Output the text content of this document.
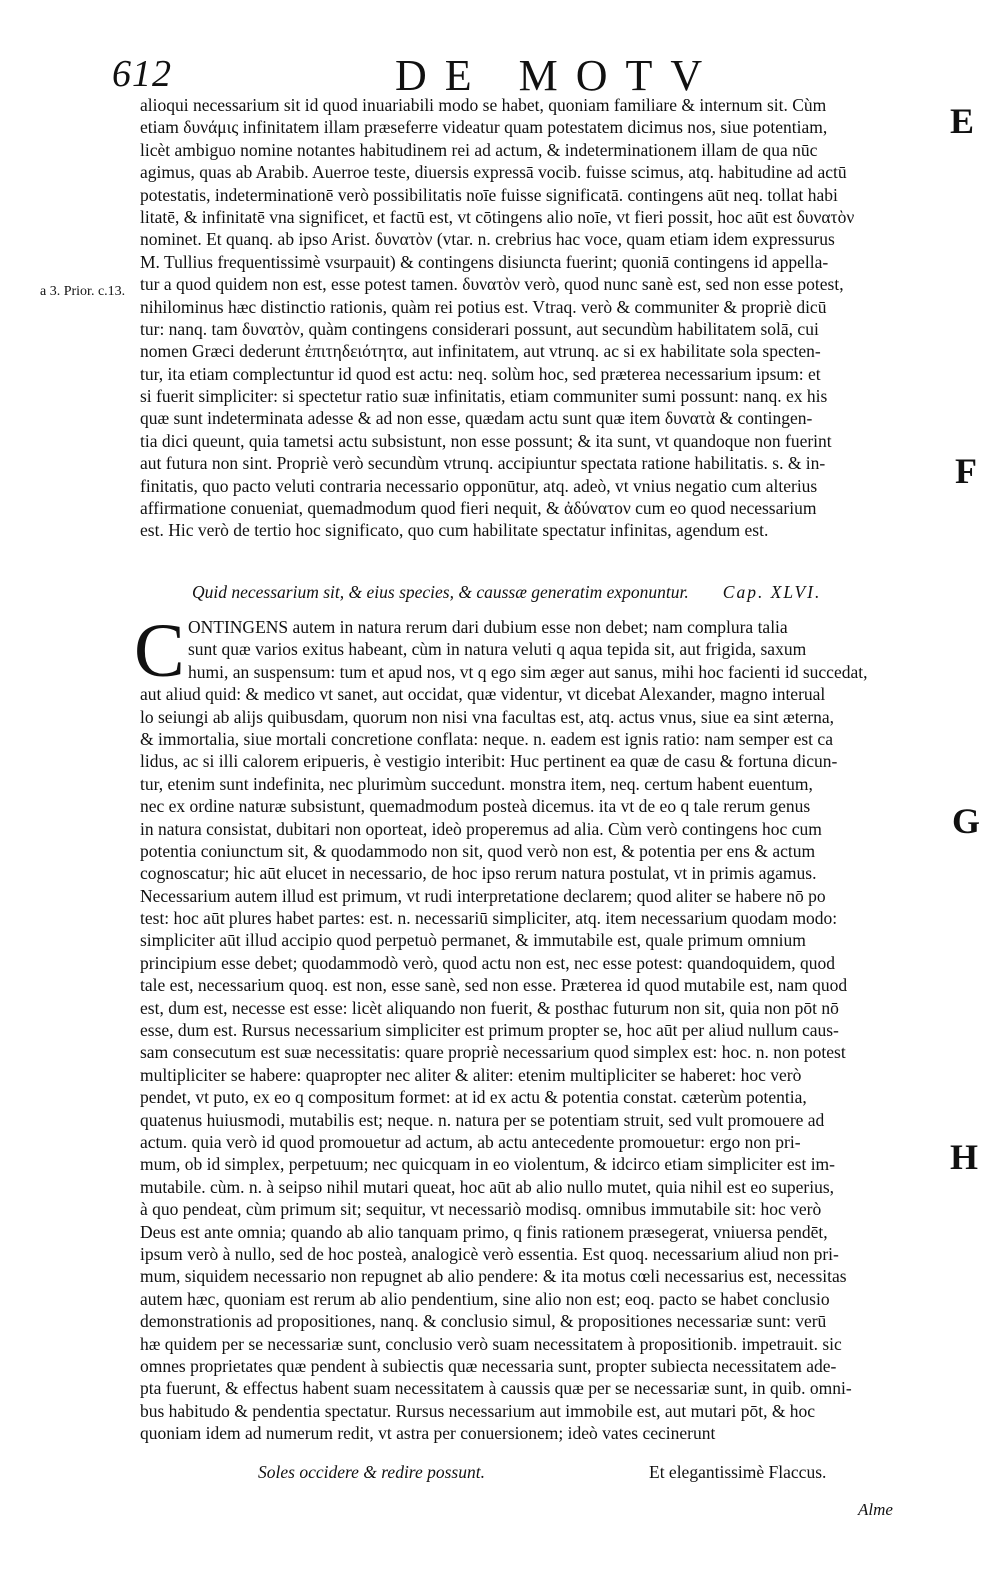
612	DE MOTV
E
F
G
H
a 3. Prior. c.13.
alioqui necessarium sit id quod inuariabili modo se habet, quoniam familiare & internum sit. Cùm
etiam δυνάμις infinitatem illam præseferre videatur quam potestatem dicimus nos, siue potentiam,
licèt ambiguo nomine notantes habitudinem rei ad actum, & indeterminationem illam de qua nūc
agimus, quas ab Arabib. Auerroe teste, diuersis expressā vocib. fuisse scimus, atq. habitudine ad actū
potestatis, indeterminationē verò possibilitatis noīe fuisse significatā. contingens aūt neq. tollat habi
litatē, & infinitatē vna significet, et factū est, vt cōtingens alio noīe, vt fieri possit, hoc aūt est δυνατὸν
nominet. Et quanq. ab ipso Arist. δυνατὸν (vtar. n. crebrius hac voce, quam etiam idem expressurus
M. Tullius frequentissimè vsurpauit) & contingens disiuncta fuerint; quoniā contingens id appella-
tur a quod quidem non est, esse potest tamen. δυνατὸν verò, quod nunc sanè est, sed non esse potest,
nihilominus hæc distinctio rationis, quàm rei potius est. Vtraq. verò & communiter & propriè dicū
tur: nanq. tam δυνατὸν, quàm contingens considerari possunt, aut secundùm habilitatem solā, cui
nomen Græci dederunt ἐπιτηδειότητα, aut infinitatem, aut vtrunq. ac si ex habilitate sola specten-
tur, ita etiam complectuntur id quod est actu: neq. solùm hoc, sed præterea necessarium ipsum: et
si fuerit simpliciter: si spectetur ratio suæ infinitatis, etiam communiter sumi possunt: nanq. ex his
quæ sunt indeterminata adesse & ad non esse, quædam actu sunt quæ item δυνατὰ & contingen-
tia dici queunt, quia tametsi actu subsistunt, non esse possunt; & ita sunt, vt quandoque non fuerint
aut futura non sint. Propriè verò secundùm vtrunq. accipiuntur spectata ratione habilitatis. s. & in-
finitatis, quo pacto veluti contraria necessario opponūtur, atq. adeò, vt vnius negatio cum alterius
affirmatione conueniat, quemadmodum quod fieri nequit, & ἀδύνατον cum eo quod necessarium
est. Hic verò de tertio hoc significato, quo cum habilitate spectatur infinitas, agendum est.
Quid necessarium sit, & eius species, & caussæ generatim exponuntur. Cap. XLVI.
C ONTINGENS autem in natura rerum dari dubium esse non debet; nam complura talia
sunt quæ varios exitus habeant, cùm in natura veluti q aqua tepida sit, aut frigida, saxum
humi, an suspensum: tum et apud nos, vt q ego sim æger aut sanus, mihi hoc facienti id succedat,
aut aliud quid: & medico vt sanet, aut occidat, quæ videntur, vt dicebat Alexander, magno interual
lo seiungi ab alijs quibusdam, quorum non nisi vna facultas est, atq. actus vnus, siue ea sint æterna,
& immortalia, siue mortali concretione conflata: neque. n. eadem est ignis ratio: nam semper est ca
lidus, ac si illi calorem eripueris, è vestigio interibit: Huc pertinent ea quæ de casu & fortuna dicun-
tur, etenim sunt indefinita, nec plurimùm succedunt. monstra item, neq. certum habent euentum,
nec ex ordine naturæ subsistunt, quemadmodum posteà dicemus. ita vt de eo q tale rerum genus
in natura consistat, dubitari non oporteat, ideò properemus ad alia. Cùm verò contingens hoc cum
potentia coniunctum sit, & quodammodo non sit, quod verò non est, & potentia per ens & actum
cognoscatur; hic aūt elucet in necessario, de hoc ipso rerum natura postulat, vt in primis agamus.
Necessarium autem illud est primum, vt rudi interpretatione declarem; quod aliter se habere nō po
test: hoc aūt plures habet partes: est. n. necessariū simpliciter, atq. item necessarium quodam modo:
simpliciter aūt illud accipio quod perpetuò permanet, & immutabile est, quale primum omnium
principium esse debet; quodammodò verò, quod actu non est, nec esse potest: quandoquidem, quod
tale est, necessarium quoq. est non, esse sanè, sed non esse. Præterea id quod mutabile est, nam quod
est, dum est, necesse est esse: licèt aliquando non fuerit, & posthac futurum non sit, quia non pōt nō
esse, dum est. Rursus necessarium simpliciter est primum propter se, hoc aūt per aliud nullum caus-
sam consecutum est suæ necessitatis: quare propriè necessarium quod simplex est: hoc. n. non potest
multipliciter se habere: quapropter nec aliter & aliter: etenim multipliciter se haberet: hoc verò
pendet, vt puto, ex eo q compositum formet: at id ex actu & potentia constat. cæterùm potentia,
quatenus huiusmodi, mutabilis est; neque. n. natura per se potentiam struit, sed vult promouere ad
actum. quia verò id quod promouetur ad actum, ab actu antecedente promouetur: ergo non pri-
mum, ob id simplex, perpetuum; nec quicquam in eo violentum, & idcirco etiam simpliciter est im-
mutabile. cùm. n. à seipso nihil mutari queat, hoc aūt ab alio nullo mutet, quia nihil est eo superius,
à quo pendeat, cùm primum sit; sequitur, vt necessariò modisq. omnibus immutabile sit: hoc verò
Deus est ante omnia; quando ab alio tanquam primo, q finis rationem præsegerat, vniuersa pendēt,
ipsum verò à nullo, sed de hoc posteà, analogicè verò essentia. Est quoq. necessarium aliud non pri-
mum, siquidem necessario non repugnet ab alio pendere: & ita motus cœli necessarius est, necessitas
autem hæc, quoniam est rerum ab alio pendentium, sine alio non est; eoq. pacto se habet conclusio
demonstrationis ad propositiones, nanq. & conclusio simul, & propositiones necessariæ sunt: verū
hæ quidem per se necessariæ sunt, conclusio verò suam necessitatem à propositionib. impetrauit. sic
omnes proprietates quæ pendent à subiectis quæ necessaria sunt, propter subiecta necessitatem ade-
pta fuerunt, & effectus habent suam necessitatem à caussis quæ per se necessariæ sunt, in quib. omni-
bus habitudo & pendentia spectatur. Rursus necessarium aut immobile est, aut mutari pōt, & hoc
quoniam idem ad numerum redit, vt astra per conuersionem; ideò vates cecinerunt
Soles occidere & redire possunt.	Et elegantissimè Flaccus.
Alme
